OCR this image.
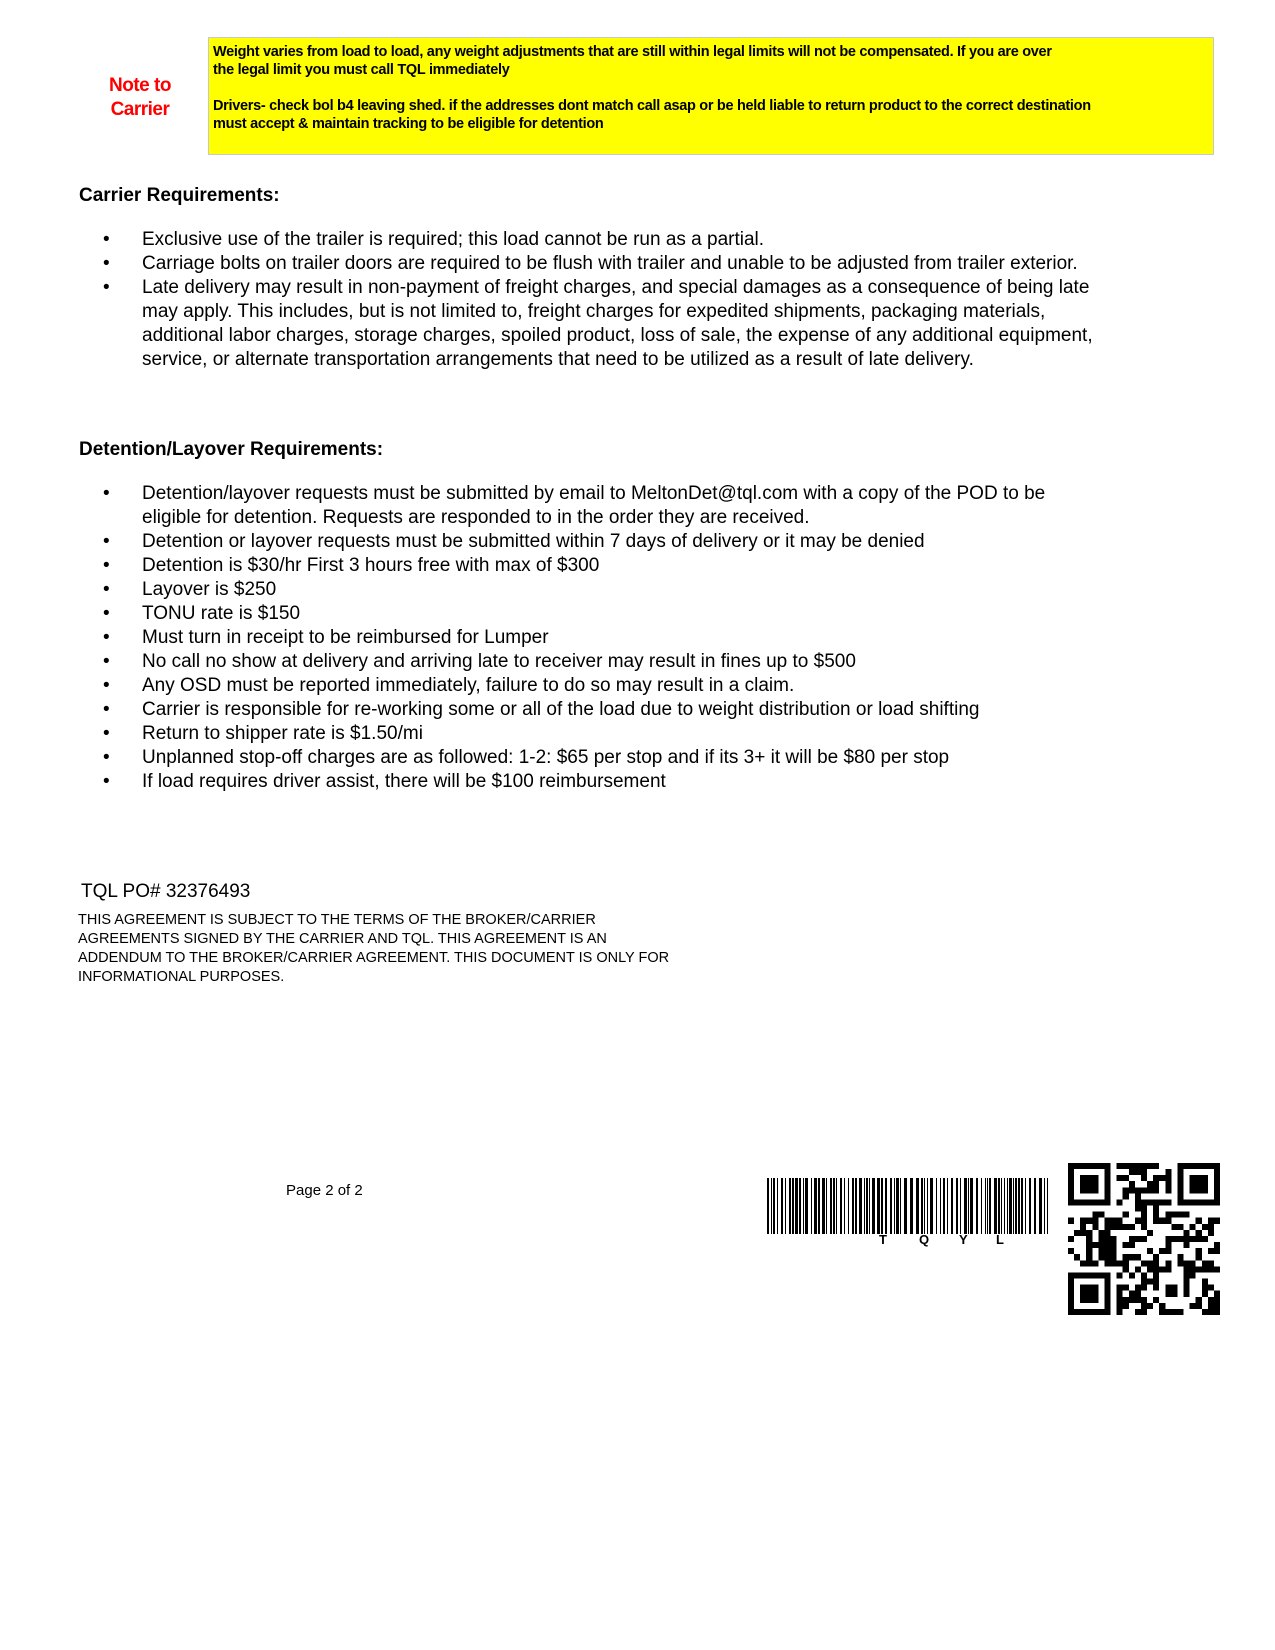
Note to
Carrier

Weight varies from load to load, any weight adjustments that are still within legal limits will not be compensated. If you are over
the legal limit you must call TQL immediately

Drivers- check bol b4 leaving shed. if the addresses dont match call asap or be held liable to return product to the correct destination
must accept & maintain tracking to be eligible for detention

Carrier Requirements:
• Exclusive use of the trailer is required; this load cannot be run as a partial.
• Carriage bolts on trailer doors are required to be flush with trailer and unable to be adjusted from trailer exterior.
• Late delivery may result in non-payment of freight charges, and special damages as a consequence of being late may apply. This includes, but is not limited to, freight charges for expedited shipments, packaging materials, additional labor charges, storage charges, spoiled product, loss of sale, the expense of any additional equipment, service, or alternate transportation arrangements that need to be utilized as a result of late delivery.
Detention/Layover Requirements:
• Detention/layover requests must be submitted by email to MeltonDet@tql.com with a copy of the POD to be eligible for detention. Requests are responded to in the order they are received.
• Detention or layover requests must be submitted within 7 days of delivery or it may be denied
• Detention is $30/hr First 3 hours free with max of $300
• Layover is $250
• TONU rate is $150
• Must turn in receipt to be reimbursed for Lumper
• No call no show at delivery and arriving late to receiver may result in fines up to $500
• Any OSD must be reported immediately, failure to do so may result in a claim.
• Carrier is responsible for re-working some or all of the load due to weight distribution or load shifting
• Return to shipper rate is $1.50/mi
• Unplanned stop-off charges are as followed: 1-2: $65 per stop and if its 3+ it will be $80 per stop
• If load requires driver assist, there will be $100 reimbursement
TQL PO# 32376493
THIS AGREEMENT IS SUBJECT TO THE TERMS OF THE BROKER/CARRIER
AGREEMENTS SIGNED BY THE CARRIER AND TQL. THIS AGREEMENT IS AN
ADDENDUM TO THE BROKER/CARRIER AGREEMENT. THIS DOCUMENT IS ONLY FOR
INFORMATIONAL PURPOSES.
Page 2 of 2
T Q Y L
